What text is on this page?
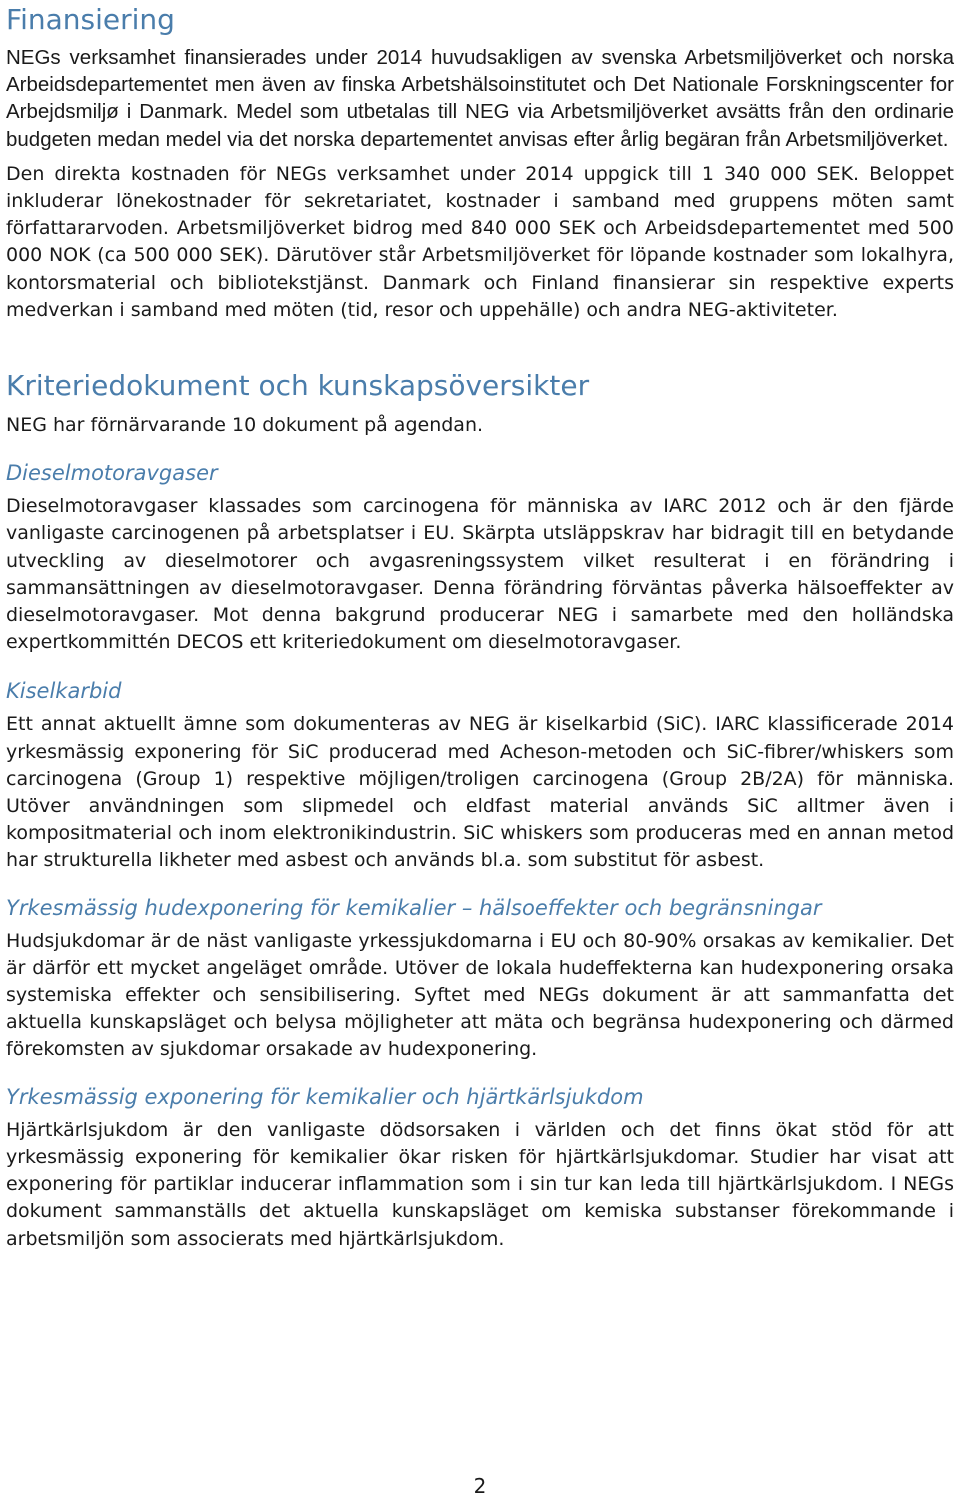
Finansiering

NEGs verksamhet finansierades under 2014 huvudsakligen av svenska Arbetsmiljöverket och norska Arbeidsdepartementet men även av finska Arbetshälsoinstitutet och Det Nationale Forskningscenter for Arbejdsmiljø i Danmark. Medel som utbetalas till NEG via Arbetsmiljöverket avsätts från den ordinarie budgeten medan medel via det norska departementet anvisas efter årlig begäran från Arbetsmiljöverket.

Den direkta kostnaden för NEGs verksamhet under 2014 uppgick till 1 340 000 SEK. Beloppet inkluderar lönekostnader för sekretariatet, kostnader i samband med gruppens möten samt författararvoden. Arbetsmiljöverket bidrog med 840 000 SEK och Arbeidsdepartementet med 500 000 NOK (ca 500 000 SEK). Därutöver står Arbetsmiljöverket för löpande kostnader som lokalhyra, kontorsmaterial och bibliotekstjänst. Danmark och Finland finansierar sin respektive experts medverkan i samband med möten (tid, resor och uppehälle) och andra NEG-aktiviteter.

Kriteriedokument och kunskapsöversikter

NEG har förnärvarande 10 dokument på agendan.

Dieselmotoravgaser

Dieselmotoravgaser klassades som carcinogena för människa av IARC 2012 och är den fjärde vanligaste carcinogenen på arbetsplatser i EU. Skärpta utsläppskrav har bidragit till en betydande utveckling av dieselmotorer och avgasreningssystem vilket resulterat i en förändring i sammansättningen av dieselmotoravgaser. Denna förändring förväntas påverka hälsoeffekter av dieselmotoravgaser. Mot denna bakgrund producerar NEG i samarbete med den holländska expertkommittén DECOS ett kriteriedokument om dieselmotoravgaser.

Kiselkarbid

Ett annat aktuellt ämne som dokumenteras av NEG är kiselkarbid (SiC). IARC klassificerade 2014 yrkesmässig exponering för SiC producerad med Acheson-metoden och SiC-fibrer/whiskers som carcinogena (Group 1) respektive möjligen/troligen carcinogena (Group 2B/2A) för människa. Utöver användningen som slipmedel och eldfast material används SiC alltmer även i kompositmaterial och inom elektronikindustrin. SiC whiskers som produceras med en annan metod har strukturella likheter med asbest och används bl.a. som substitut för asbest.

Yrkesmässig hudexponering för kemikalier – hälsoeffekter och begränsningar

Hudsjukdomar är de näst vanligaste yrkessjukdomarna i EU och 80-90% orsakas av kemikalier. Det är därför ett mycket angeläget område. Utöver de lokala hudeffekterna kan hudexponering orsaka systemiska effekter och sensibilisering. Syftet med NEGs dokument är att sammanfatta det aktuella kunskapsläget och belysa möjligheter att mäta och begränsa hudexponering och därmed förekomsten av sjukdomar orsakade av hudexponering.

Yrkesmässig exponering för kemikalier och hjärtkärlsjukdom

Hjärtkärlsjukdom är den vanligaste dödsorsaken i världen och det finns ökat stöd för att yrkesmässig exponering för kemikalier ökar risken för hjärtkärlsjukdomar. Studier har visat att exponering för partiklar inducerar inflammation som i sin tur kan leda till hjärtkärlsjukdom. I NEGs dokument sammanställs det aktuella kunskapsläget om kemiska substanser förekommande i arbetsmiljön som associerats med hjärtkärlsjukdom.

2
